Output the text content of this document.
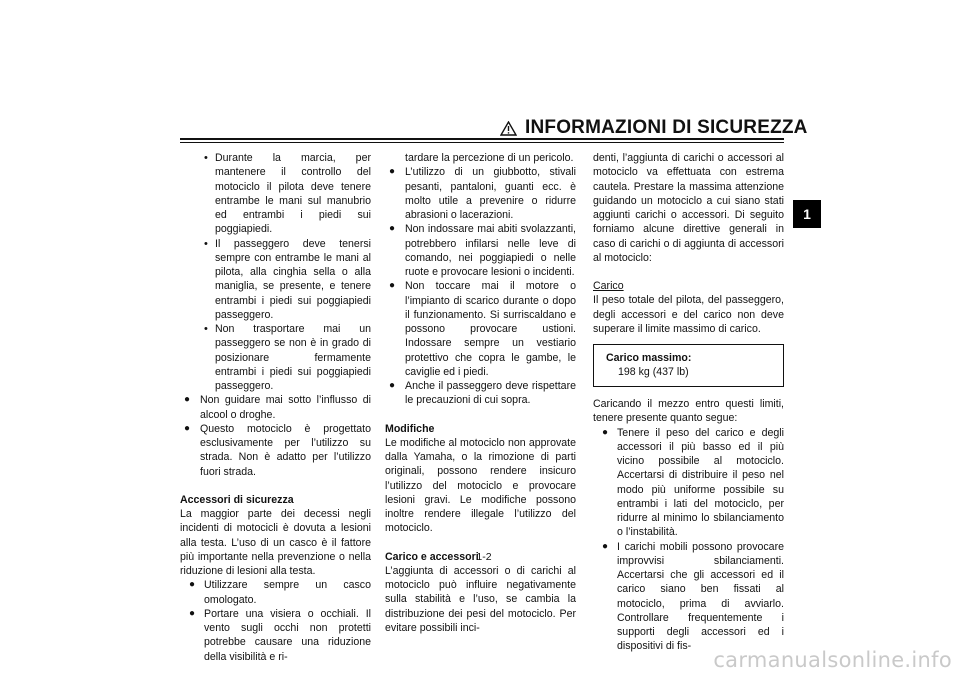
INFORMAZIONI DI SICUREZZA
1

• Durante la marcia, per mantenere il controllo del motociclo il pilota deve tenere entrambe le mani sul manubrio ed entrambi i piedi sui poggiapiedi.

• Il passeggero deve tenersi sempre con entrambe le mani al pilota, alla cinghia sella o alla maniglia, se presente, e tenere entrambi i piedi sui poggiapiedi passeggero.

• Non trasportare mai un passeggero se non è in grado di posizionare fermamente entrambi i piedi sui poggiapiedi passeggero.

● Non guidare mai sotto l’influsso di alcool o droghe.

● Questo motociclo è progettato esclusivamente per l’utilizzo su strada. Non è adatto per l’utilizzo fuori strada.

Accessori di sicurezza

La maggior parte dei decessi negli incidenti di motocicli è dovuta a lesioni alla testa. L’uso di un casco è il fattore più importante nella prevenzione o nella riduzione di lesioni alla testa.

● Utilizzare sempre un casco omologato.

● Portare una visiera o occhiali. Il vento sugli occhi non protetti potrebbe causare una riduzione della visibilità e ri-

tardare la percezione di un pericolo.

● L’utilizzo di un giubbotto, stivali pesanti, pantaloni, guanti ecc. è molto utile a prevenire o ridurre abrasioni o lacerazioni.

● Non indossare mai abiti svolazzanti, potrebbero infilarsi nelle leve di comando, nei poggiapiedi o nelle ruote e provocare lesioni o incidenti.

● Non toccare mai il motore o l’impianto di scarico durante o dopo il funzionamento. Si surriscaldano e possono provocare ustioni. Indossare sempre un vestiario protettivo che copra le gambe, le caviglie ed i piedi.

● Anche il passeggero deve rispettare le precauzioni di cui sopra.

Modifiche

Le modifiche al motociclo non approvate dalla Yamaha, o la rimozione di parti originali, possono rendere insicuro l’utilizzo del motociclo e provocare lesioni gravi. Le modifiche possono inoltre rendere illegale l’utilizzo del motociclo.

Carico e accessori

L’aggiunta di accessori o di carichi al motociclo può influire negativamente sulla stabilità e l’uso, se cambia la distribuzione dei pesi del motociclo. Per evitare possibili inci-

denti, l’aggiunta di carichi o accessori al motociclo va effettuata con estrema cautela. Prestare la massima attenzione guidando un motociclo a cui siano stati aggiunti carichi o accessori. Di seguito forniamo alcune direttive generali in caso di carichi o di aggiunta di accessori al motociclo:

Carico

Il peso totale del pilota, del passeggero, degli accessori e del carico non deve superare il limite massimo di carico.

Carico massimo:
198 kg (437 lb)

Caricando il mezzo entro questi limiti, tenere presente quanto segue:

● Tenere il peso del carico e degli accessori il più basso ed il più vicino possibile al motociclo. Accertarsi di distribuire il peso nel modo più uniforme possibile su entrambi i lati del motociclo, per ridurre al minimo lo sbilanciamento o l’instabilità.

● I carichi mobili possono provocare improvvisi sbilanciamenti. Accertarsi che gli accessori ed il carico siano ben fissati al motociclo, prima di avviarlo. Controllare frequentemente i supporti degli accessori ed i dispositivi di fis-

1-2
carmanualsonline.info
